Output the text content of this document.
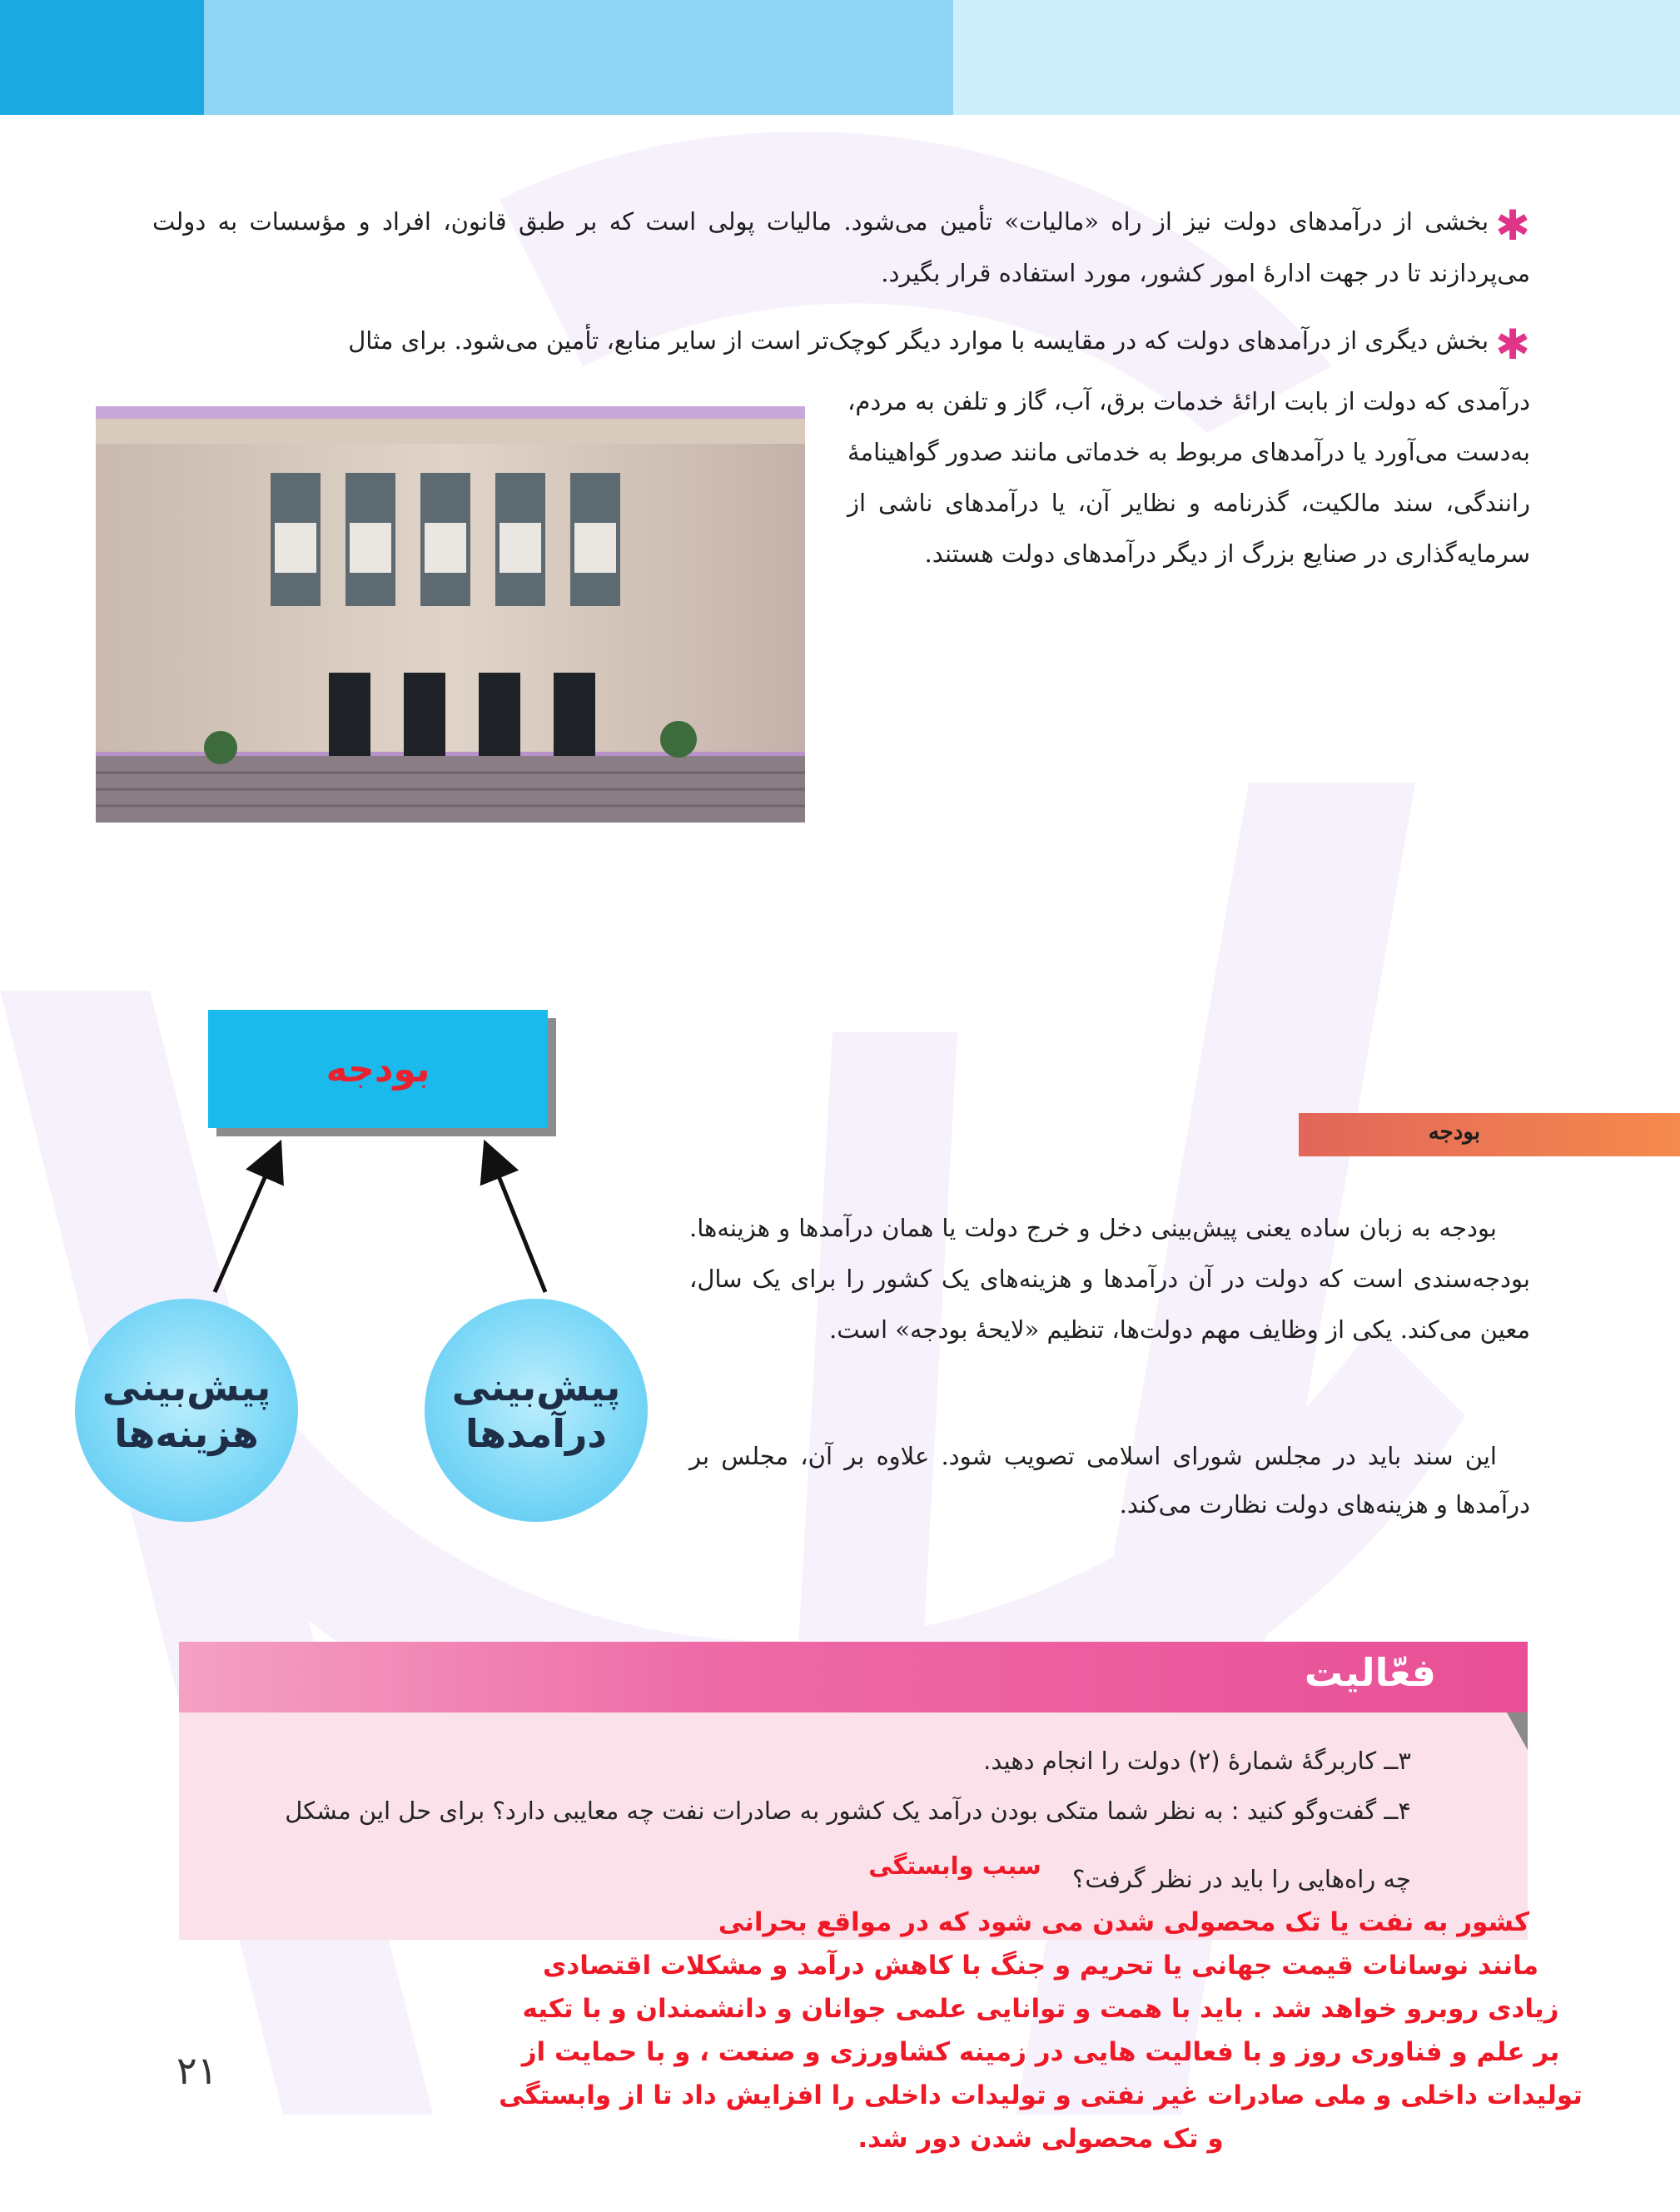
✱بخشی از درآمدهای دولت نیز از راه «مالیات» تأمین می‌شود. مالیات پولی است که بر طبق قانون، افراد و مؤسسات به دولت می‌پردازند تا در جهت ادارهٔ امور کشور، مورد استفاده قرار بگیرد.
✱بخش دیگری از درآمدهای دولت که در مقایسه با موارد دیگر کوچک‌تر است از سایر منابع، تأمین می‌شود. برای مثال
درآمدی که دولت از بابت ارائهٔ خدمات برق، آب، گاز و تلفن به مردم، به‌دست می‌آورد یا درآمدهای مربوط به خدماتی مانند صدور گواهینامهٔ رانندگی، سند مالکیت، گذرنامه و نظایر آن، یا درآمدهای ناشی از سرمایه‌گذاری در صنایع بزرگ از دیگر درآمدهای دولت هستند.
بودجه
پیش‌بینی
هزینه‌ها
پیش‌بینی
درآمدها
بودجه
بودجه به زبان ساده یعنی پیش‌بینی دخل و خرج دولت یا همان درآمدها و هزینه‌ها. بودجه‌سندی است که دولت در آن درآمدها و هزینه‌های یک کشور را برای یک سال، معین می‌کند. یکی از وظایف مهم دولت‌ها، تنظیم «لایحهٔ بودجه» است.
این سند باید در مجلس شورای اسلامی تصویب شود. علاوه بر آن، مجلس بر درآمدها و هزینه‌های دولت نظارت می‌کند.
فعّالیت
۳ــ کاربرگهٔ شمارهٔ (۲) دولت را انجام دهید.
۴ــ گفت‌وگو کنید : به نظر شما متکی بودن درآمد یک کشور به صادرات نفت چه معایبی دارد؟ برای حل این مشکل
چه راه‌هایی را باید در نظر گرفت؟ سبب وابستگی
کشور به نفت یا تک محصولی شدن می شود که در مواقع بحرانی
مانند نوسانات قیمت جهانی یا تحریم و جنگ با کاهش درآمد و مشکلات اقتصادی
زیادی روبرو خواهد شد . باید با همت و توانایی علمی جوانان و دانشمندان و با تکیه
بر علم و فناوری روز و با فعالیت هایی در زمینه کشاورزی و صنعت ، و با حمایت از
تولیدات داخلی و ملی صادرات غیر نفتی و تولیدات داخلی را افزایش داد تا از وابستگی
و تک محصولی شدن دور شد.
۲۱
